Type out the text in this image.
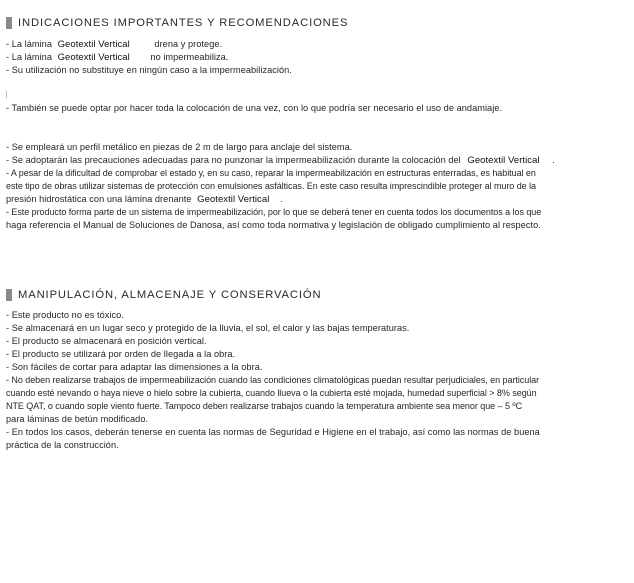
INDICACIONES IMPORTANTES Y RECOMENDACIONES
- La lámina Geotextil Vertical	drena y protege.
- La lámina Geotextil Vertical no impermeabiliza.
- Su utilización no substituye en ningún caso a la impermeabilización.
- También se puede optar por hacer toda la colocación de una vez, con lo que podría ser necesario el uso de andamiaje.
- Se empleará un perfil metálico en piezas de 2 m de largo para anclaje del sistema.
- Se adoptarán las precauciones adecuadas para no punzonar la impermeabilización durante la colocación del Geotextil Vertical .
- A pesar de la dificultad de comprobar el estado y, en su caso, reparar la impermeabilización en estructuras enterradas, es habitual en
este tipo de obras utilizar sistemas de protección con emulsiones asfálticas. En este caso resulta imprescindible proteger al muro de la
presión hidrostática con una lámina drenante Geotextil Vertical .
- Este producto forma parte de un sistema de impermeabilización, por lo que se deberá tener en cuenta todos los documentos a los que
haga referencia el Manual de Soluciones de Danosa, así como toda normativa y legislación de obligado cumplimiento al respecto.
MANIPULACIÓN, ALMACENAJE Y CONSERVACIÓN
- Este producto no es tóxico.
- Se almacenará en un lugar seco y protegido de la lluvia, el sol, el calor y las bajas temperaturas.
- El producto se almacenará en posición vertical.
- El producto se utilizará por orden de llegada a la obra.
- Son fáciles de cortar para adaptar las dimensiones a la obra.
- No deben realizarse trabajos de impermeabilización cuando las condiciones climatológicas puedan resultar perjudiciales, en particular
cuando esté nevando o haya nieve o hielo sobre la cubierta, cuando llueva o la cubierta esté mojada, humedad superficial > 8% según
NTE QAT, o cuando sople viento fuerte. Tampoco deben realizarse trabajos cuando la temperatura ambiente sea menor que – 5 ºC
para láminas de betún modificado.
- En todos los casos, deberán tenerse en cuenta las normas de Seguridad e Higiene en el trabajo, así como las normas de buena
práctica de la construcción.
